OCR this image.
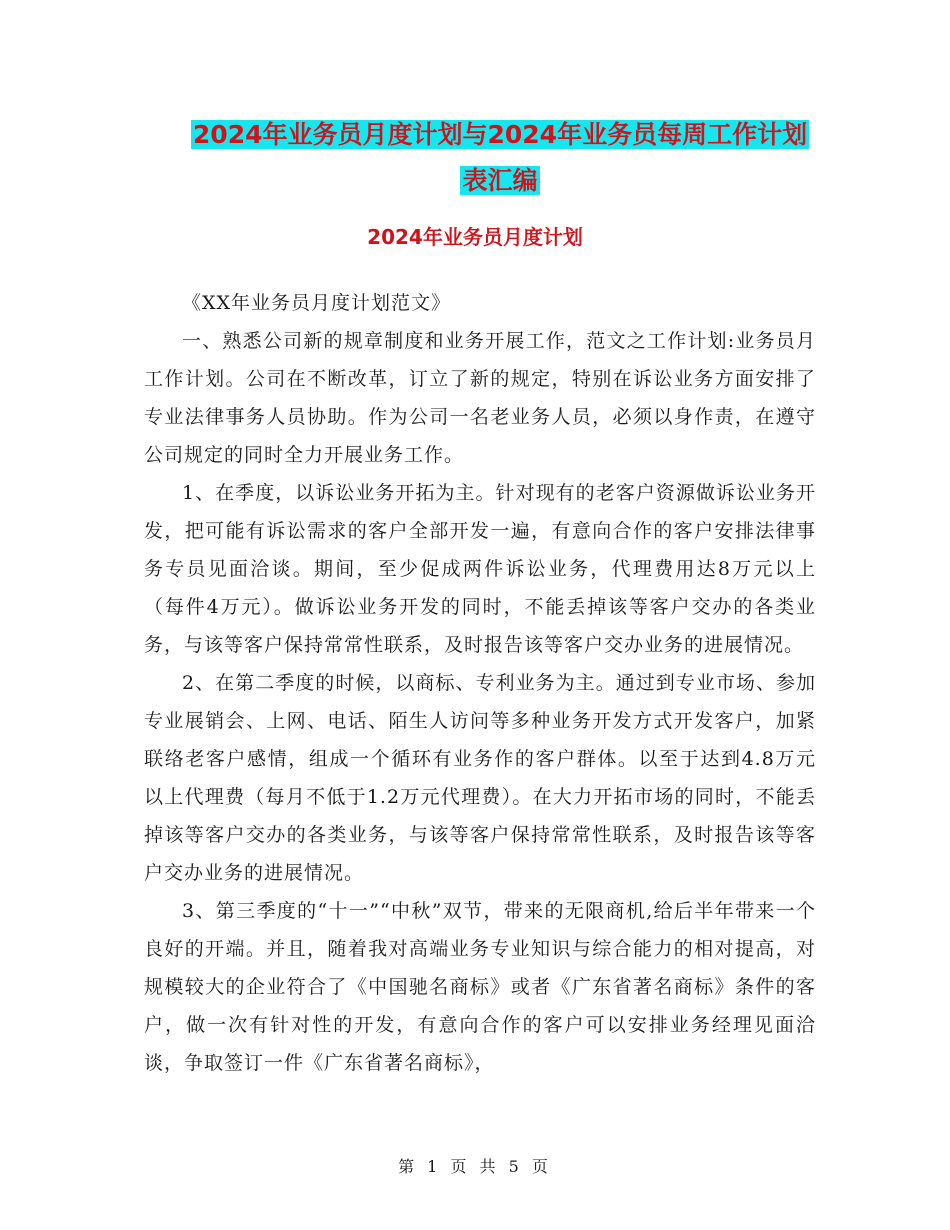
2024年业务员月度计划与2024年业务员每周工作计划
表汇编
2024年业务员月度计划

《XX年业务员月度计划范文》

一、熟悉公司新的规章制度和业务开展工作，范文之工作计划:业务员月工作计划。公司在不断改革，订立了新的规定，特别在诉讼业务方面安排了专业法律事务人员协助。作为公司一名老业务人员，必须以身作责，在遵守公司规定的同时全力开展业务工作。

1、在季度，以诉讼业务开拓为主。针对现有的老客户资源做诉讼业务开发，把可能有诉讼需求的客户全部开发一遍，有意向合作的客户安排法律事务专员见面洽谈。期间，至少促成两件诉讼业务，代理费用达8万元以上（每件4万元）。做诉讼业务开发的同时，不能丢掉该等客户交办的各类业务，与该等客户保持常常性联系，及时报告该等客户交办业务的进展情况。

2、在第二季度的时候，以商标、专利业务为主。通过到专业市场、参加专业展销会、上网、电话、陌生人访问等多种业务开发方式开发客户，加紧联络老客户感情，组成一个循环有业务作的客户群体。以至于达到4.8万元以上代理费（每月不低于1.2万元代理费）。在大力开拓市场的同时，不能丢掉该等客户交办的各类业务，与该等客户保持常常性联系，及时报告该等客户交办业务的进展情况。

3、第三季度的“十一”“中秋”双节，带来的无限商机,给后半年带来一个良好的开端。并且，随着我对高端业务专业知识与综合能力的相对提高，对规模较大的企业符合了《中国驰名商标》或者《广东省著名商标》条件的客户，做一次有针对性的开发，有意向合作的客户可以安排业务经理见面洽谈，争取签订一件《广东省著名商标》，

第 1 页 共 5 页
